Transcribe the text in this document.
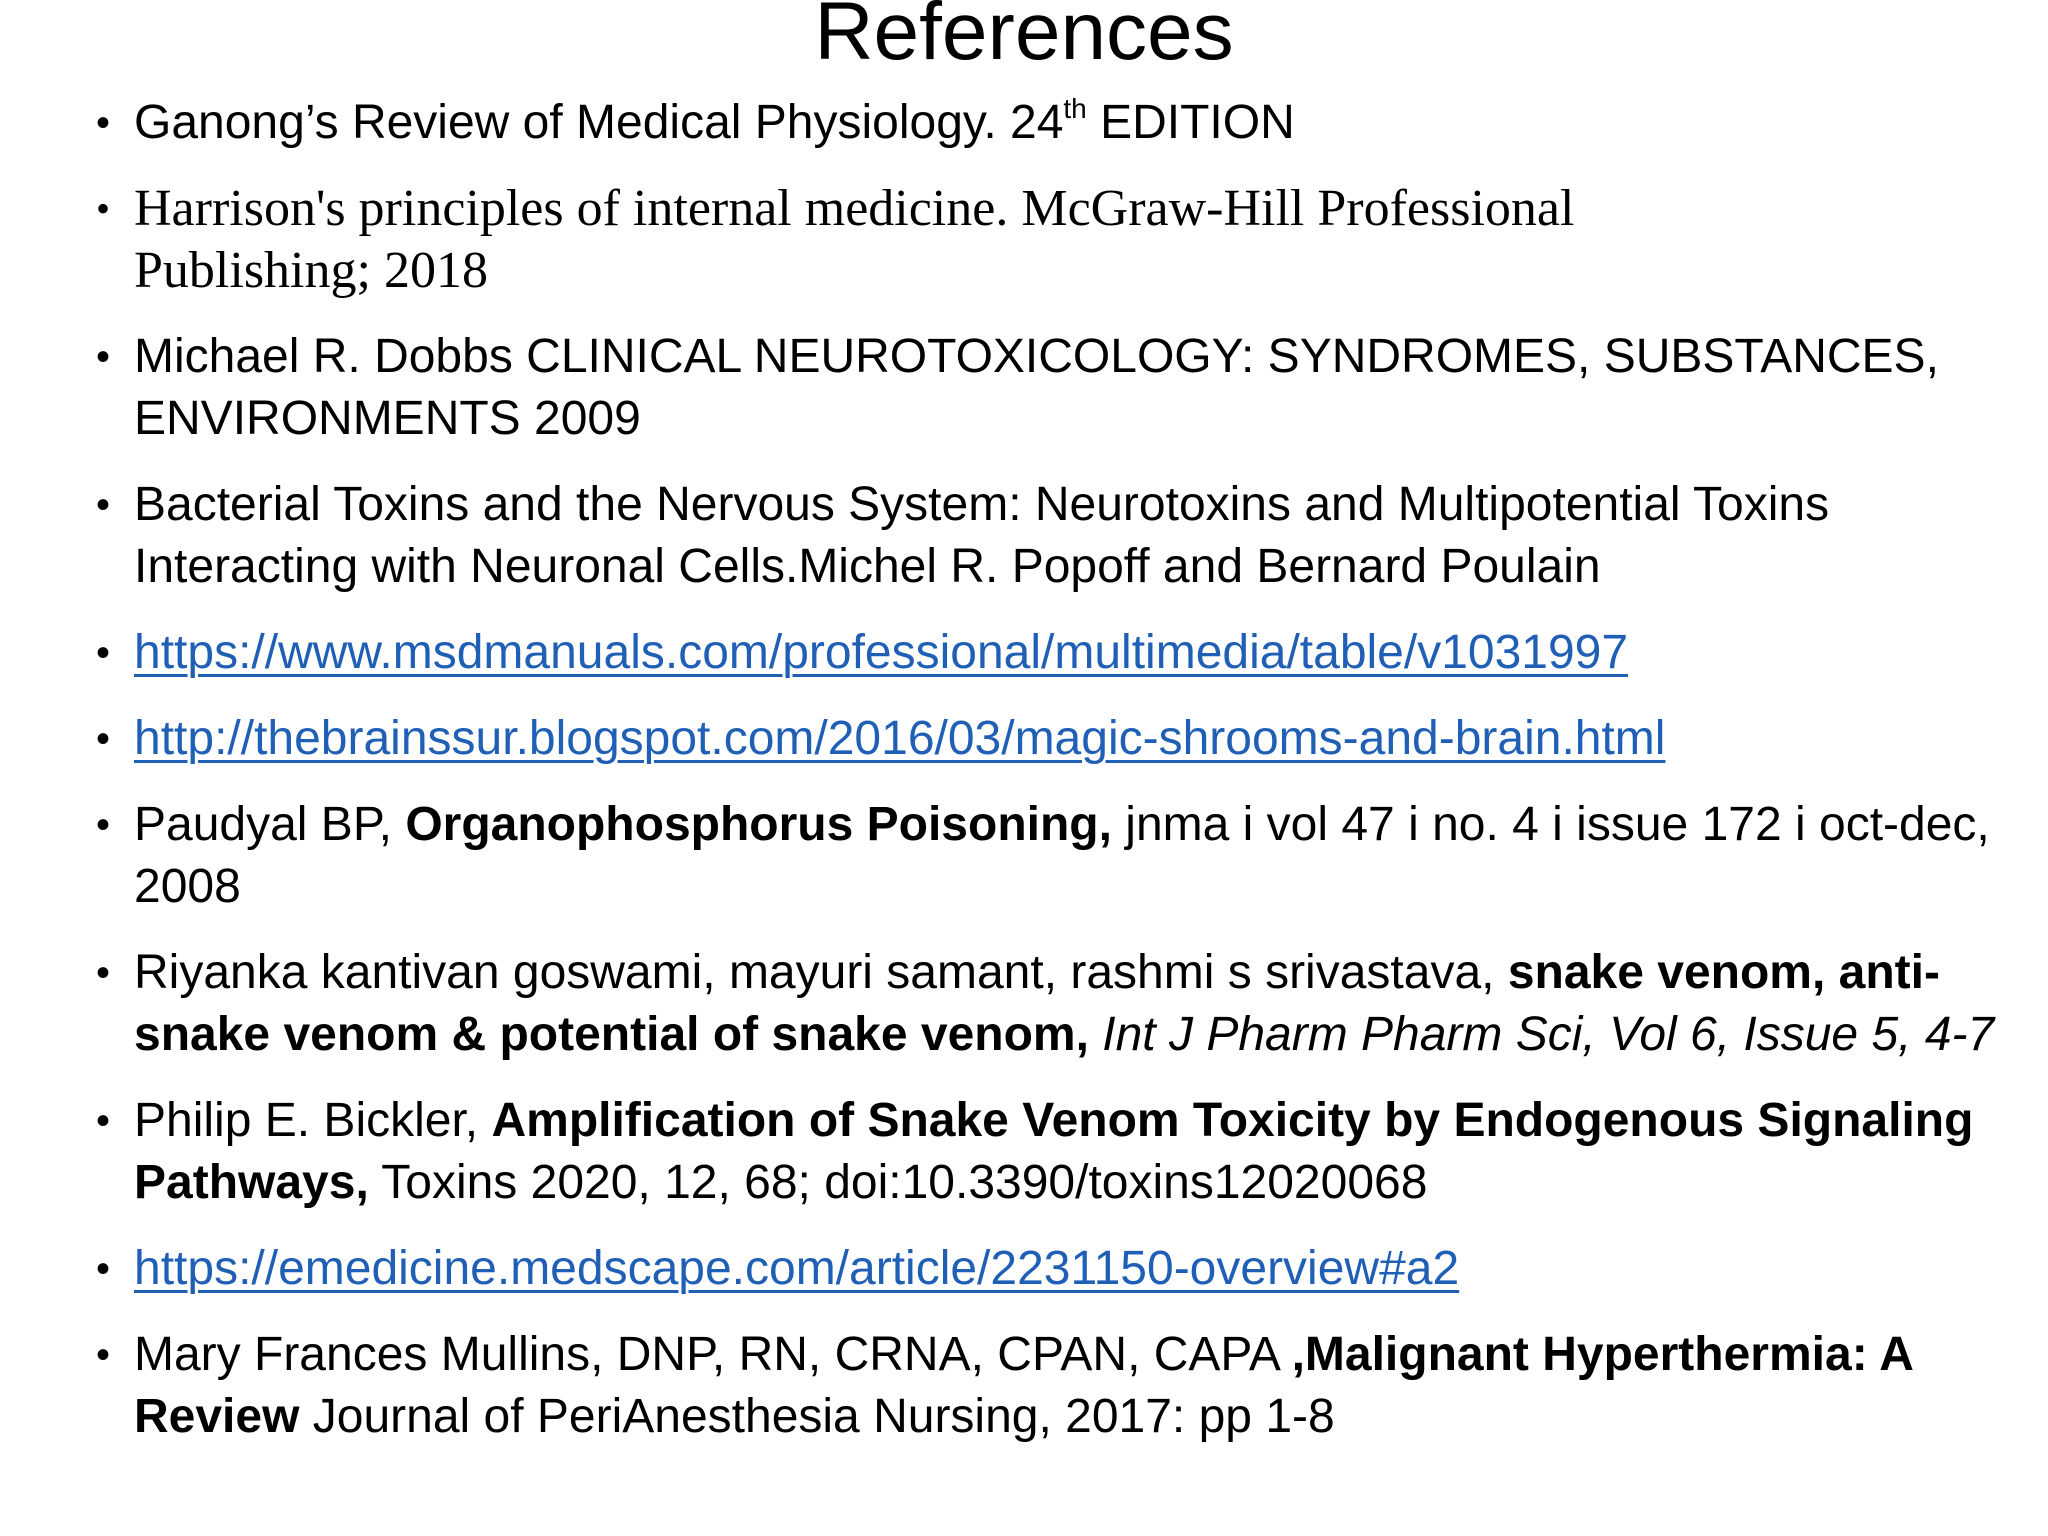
References
• Ganong’s Review of Medical Physiology. 24th EDITION
• Harrison's principles of internal medicine. McGraw-Hill Professional
Publishing; 2018
• Michael R. Dobbs CLINICAL NEUROTOXICOLOGY: SYNDROMES, SUBSTANCES, ENVIRONMENTS 2009
• Bacterial Toxins and the Nervous System: Neurotoxins and Multipotential Toxins Interacting with Neuronal Cells.Michel R. Popoff and Bernard Poulain
• https://www.msdmanuals.com/professional/multimedia/table/v1031997
• http://thebrainssur.blogspot.com/2016/03/magic-shrooms-and-brain.html
• Paudyal BP, Organophosphorus Poisoning, jnma i vol 47 i no. 4 i issue 172 i oct-dec, 2008
• Riyanka kantivan goswami, mayuri samant, rashmi s srivastava, snake venom, anti-snake venom & potential of snake venom, Int J Pharm Pharm Sci, Vol 6, Issue 5, 4-7
• Philip E. Bickler, Amplification of Snake Venom Toxicity by Endogenous Signaling Pathways, Toxins 2020, 12, 68; doi:10.3390/toxins12020068
• https://emedicine.medscape.com/article/2231150-overview#a2
• Mary Frances Mullins, DNP, RN, CRNA, CPAN, CAPA ,Malignant Hyperthermia: A Review Journal of PeriAnesthesia Nursing, 2017: pp 1-8
